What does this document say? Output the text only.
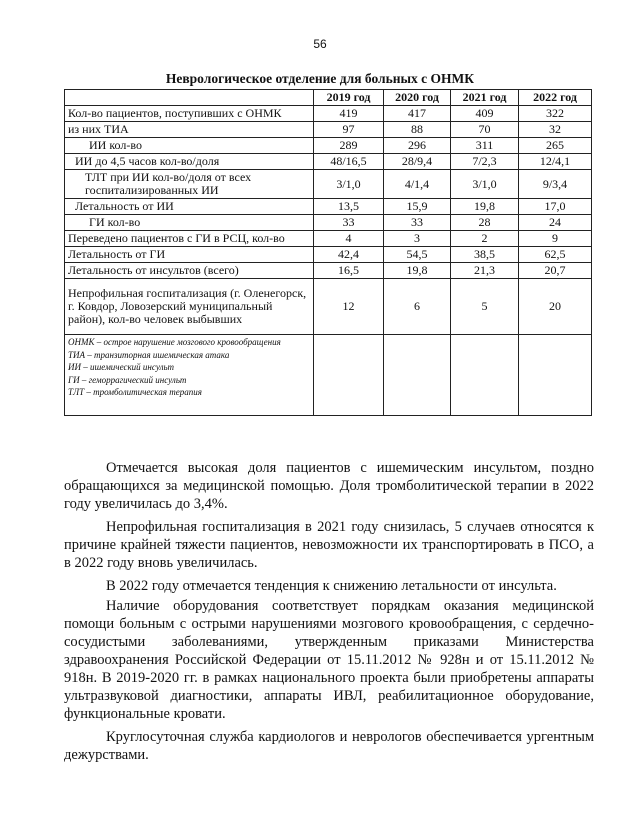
56
Неврологическое отделение для больных с ОНМК
	2019 год	2020 год	2021 год	2022 год
Кол-во пациентов, поступивших с ОНМК	419	417	409	322
из них ТИА	97	88	70	32
ИИ кол-во	289	296	311	265
ИИ до 4,5 часов кол-во/доля	48/16,5	28/9,4	7/2,3	12/4,1
ТЛТ при ИИ кол-во/доля от всех госпитализированных ИИ	3/1,0	4/1,4	3/1,0	9/3,4
Летальность от ИИ	13,5	15,9	19,8	17,0
ГИ кол-во	33	33	28	24
Переведено пациентов с ГИ в РСЦ, кол-во	4	3	2	9
Летальность от ГИ	42,4	54,5	38,5	62,5
Летальность от инсультов (всего)	16,5	19,8	21,3	20,7
Непрофильная госпитализация (г. Оленегорск, г. Ковдор, Ловозерский муниципальный район), кол-во человек выбывших	12	6	5	20

ОНМК – острое нарушение мозгового кровообращения
ТИА – транзиторная ишемическая атака
ИИ – ишемический инсульт
ГИ – геморрагический инсульт
ТЛТ – тромболитическая терапия				

Отмечается высокая доля пациентов с ишемическим инсультом, поздно обращающихся за медицинской помощью. Доля тромболитической терапии в 2022 году увеличилась до 3,4%.

Непрофильная госпитализация в 2021 году снизилась, 5 случаев относятся к причине крайней тяжести пациентов, невозможности их транспортировать в ПСО, а в 2022 году вновь увеличилась.

В 2022 году отмечается тенденция к снижению летальности от инсульта.

Наличие оборудования соответствует порядкам оказания медицинской помощи больным с острыми нарушениями мозгового кровообращения, с сердечно-сосудистыми заболеваниями, утвержденным приказами Министерства здравоохранения Российской Федерации от 15.11.2012 № 928н и от 15.11.2012 № 918н. В 2019-2020 гг. в рамках национального проекта были приобретены аппараты ультразвуковой диагностики, аппараты ИВЛ, реабилитационное оборудование, функциональные кровати.

Круглосуточная служба кардиологов и неврологов обеспечивается ургентным дежурствами.
